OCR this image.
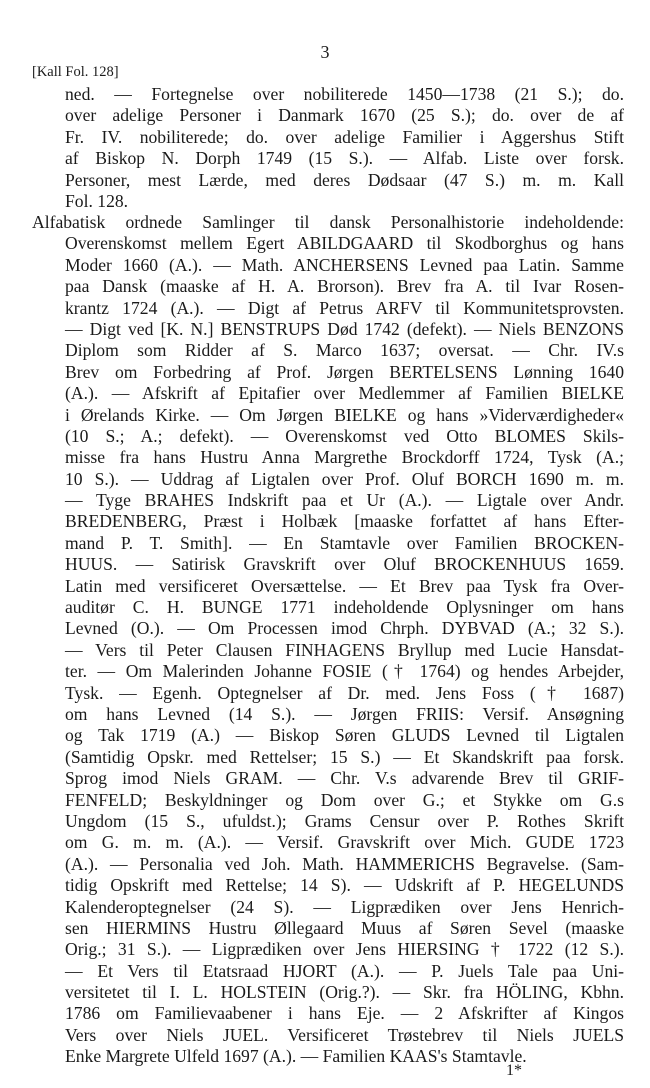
3
[Kall Fol. 128]
ned. — Fortegnelse over nobiliterede 1450—1738 (21 S.); do.
over adelige Personer i Danmark 1670 (25 S.); do. over de af
Fr. IV. nobiliterede; do. over adelige Familier i Aggershus Stift
af Biskop N. Dorph 1749 (15 S.). — Alfab. Liste over forsk.
Personer, mest Lærde, med deres Dødsaar (47 S.) m. m. Kall
Fol. 128.
Alfabatisk ordnede Samlinger til dansk Personalhistorie indeholdende:
Overenskomst mellem Egert ABILDGAARD til Skodborghus og hans
Moder 1660 (A.). — Math. ANCHERSENS Levned paa Latin. Samme
paa Dansk (maaske af H. A. Brorson). Brev fra A. til Ivar Rosen-
krantz 1724 (A.). — Digt af Petrus ARFV til Kommunitetsprovsten.
— Digt ved [K. N.] BENSTRUPS Død 1742 (defekt). — Niels BENZONS
Diplom som Ridder af S. Marco 1637; oversat. — Chr. IV.s
Brev om Forbedring af Prof. Jørgen BERTELSENS Lønning 1640
(A.). — Afskrift af Epitafier over Medlemmer af Familien BIELKE
i Ørelands Kirke. — Om Jørgen BIELKE og hans »Viderværdigheder«
(10 S.; A.; defekt). — Overenskomst ved Otto BLOMES Skils-
misse fra hans Hustru Anna Margrethe Brockdorff 1724, Tysk (A.;
10 S.). — Uddrag af Ligtalen over Prof. Oluf BORCH 1690 m. m.
— Tyge BRAHES Indskrift paa et Ur (A.). — Ligtale over Andr.
BREDENBERG, Præst i Holbæk [maaske forfattet af hans Efter-
mand P. T. Smith]. — En Stamtavle over Familien BROCKEN-
HUUS. — Satirisk Gravskrift over Oluf BROCKENHUUS 1659.
Latin med versificeret Oversættelse. — Et Brev paa Tysk fra Over-
auditør C. H. BUNGE 1771 indeholdende Oplysninger om hans
Levned (O.). — Om Processen imod Chrph. DYBVAD (A.; 32 S.).
— Vers til Peter Clausen FINHAGENS Bryllup med Lucie Hansdat-
ter. — Om Malerinden Johanne FOSIE († 1764) og hendes Arbejder,
Tysk. — Egenh. Optegnelser af Dr. med. Jens Foss († 1687)
om hans Levned (14 S.). — Jørgen FRIIS: Versif. Ansøgning
og Tak 1719 (A.) — Biskop Søren GLUDS Levned til Ligtalen
(Samtidig Opskr. med Rettelser; 15 S.) — Et Skandskrift paa forsk.
Sprog imod Niels GRAM. — Chr. V.s advarende Brev til GRIF-
FENFELD; Beskyldninger og Dom over G.; et Stykke om G.s
Ungdom (15 S., ufuldst.); Grams Censur over P. Rothes Skrift
om G. m. m. (A.). — Versif. Gravskrift over Mich. GUDE 1723
(A.). — Personalia ved Joh. Math. HAMMERICHS Begravelse. (Sam-
tidig Opskrift med Rettelse; 14 S). — Udskrift af P. HEGELUNDS
Kalenderoptegnelser (24 S). — Ligprædiken over Jens Henrich-
sen HIERMINS Hustru Øllegaard Muus af Søren Sevel (maaske
Orig.; 31 S.). — Ligprædiken over Jens HIERSING † 1722 (12 S.).
— Et Vers til Etatsraad HJORT (A.). — P. Juels Tale paa Uni-
versitetet til I. L. HOLSTEIN (Orig.?). — Skr. fra HÖLING, Kbhn.
1786 om Familievaabener i hans Eje. — 2 Afskrifter af Kingos
Vers over Niels JUEL. Versificeret Trøstebrev til Niels JUELS
Enke Margrete Ulfeld 1697 (A.). — Familien KAAS's Stamtavle.
1*
